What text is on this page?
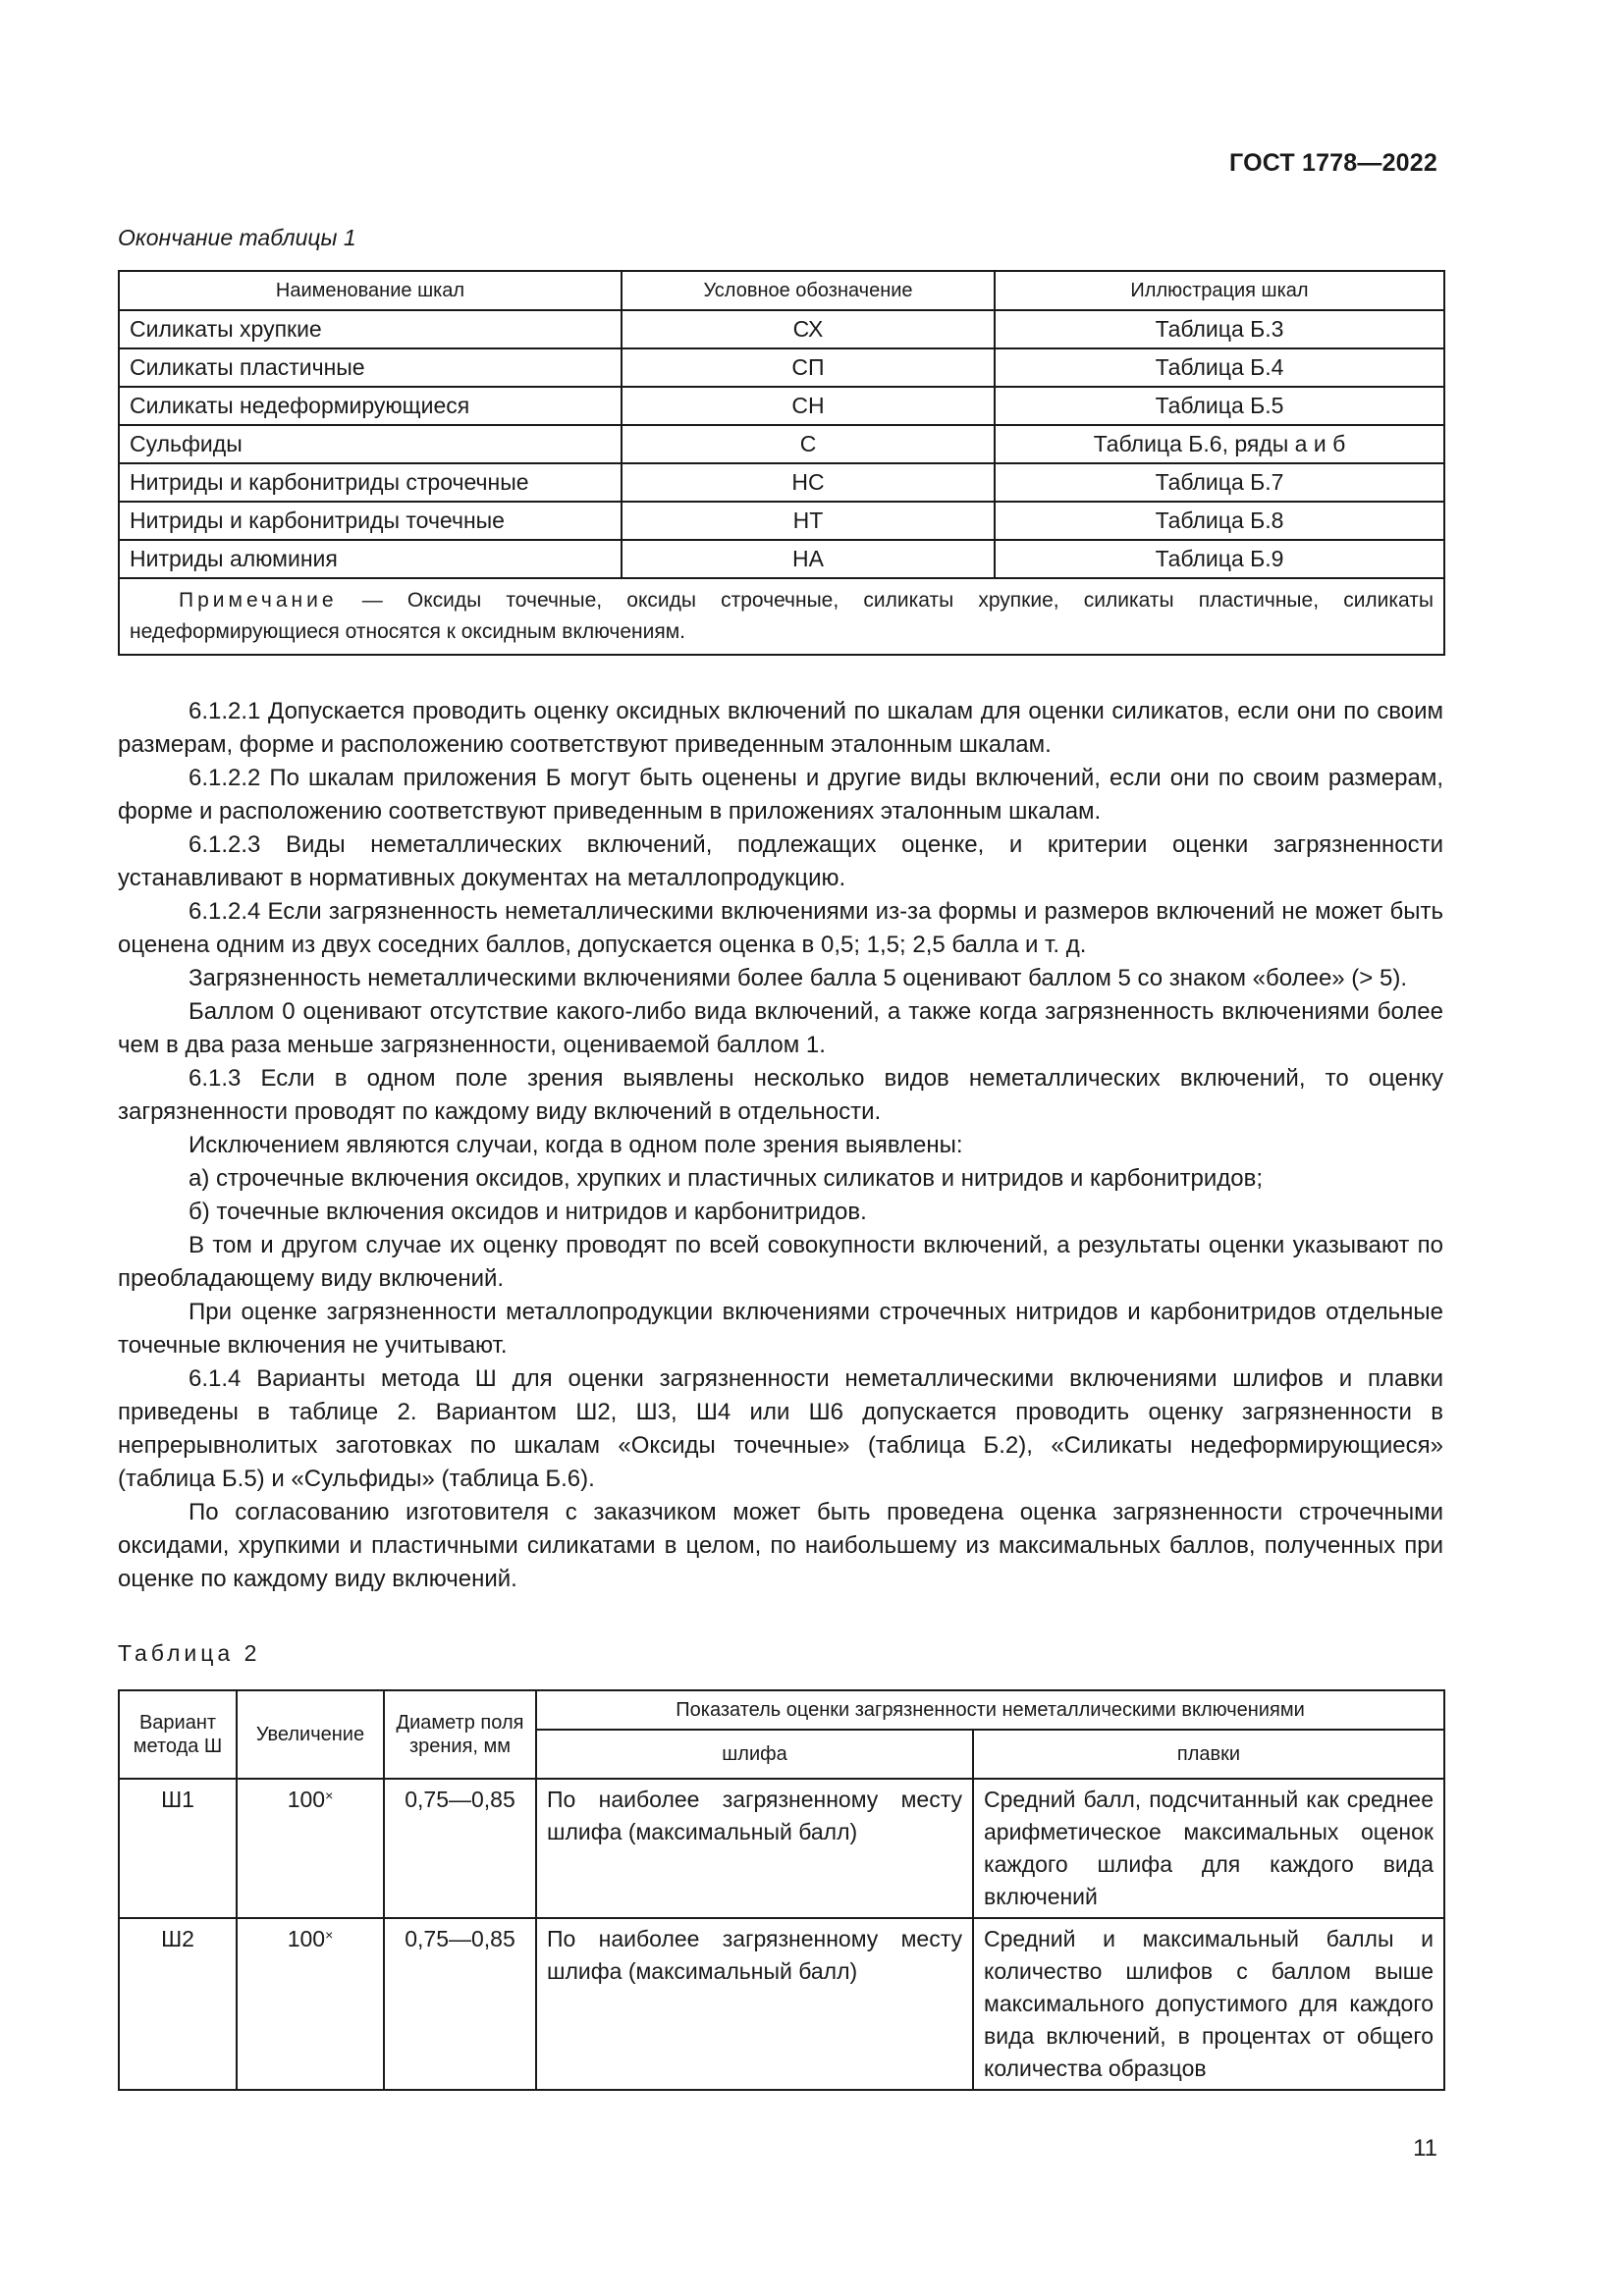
ГОСТ 1778—2022
Окончание таблицы 1
Наименование шкал	Условное обозначение	Иллюстрация шкал
Силикаты хрупкие	СХ	Таблица Б.3
Силикаты пластичные	СП	Таблица Б.4
Силикаты недеформирующиеся	СН	Таблица Б.5
Сульфиды	С	Таблица Б.6, ряды а и б
Нитриды и карбонитриды строчечные	НС	Таблица Б.7
Нитриды и карбонитриды точечные	НТ	Таблица Б.8
Нитриды алюминия	НА	Таблица Б.9
Примечание — Оксиды точечные, оксиды строчечные, силикаты хрупкие, силикаты пластичные, силикаты недеформирующиеся относятся к оксидным включениям.		

6.1.2.1 Допускается проводить оценку оксидных включений по шкалам для оценки силикатов, если они по своим размерам, форме и расположению соответствуют приведенным эталонным шкалам.

6.1.2.2 По шкалам приложения Б могут быть оценены и другие виды включений, если они по своим размерам, форме и расположению соответствуют приведенным в приложениях эталонным шкалам.

6.1.2.3 Виды неметаллических включений, подлежащих оценке, и критерии оценки загрязненности устанавливают в нормативных документах на металлопродукцию.

6.1.2.4 Если загрязненность неметаллическими включениями из-за формы и размеров включений не может быть оценена одним из двух соседних баллов, допускается оценка в 0,5; 1,5; 2,5 балла и т. д.

Загрязненность неметаллическими включениями более балла 5 оценивают баллом 5 со знаком «более» (> 5).

Баллом 0 оценивают отсутствие какого-либо вида включений, а также когда загрязненность включениями более чем в два раза меньше загрязненности, оцениваемой баллом 1.

6.1.3 Если в одном поле зрения выявлены несколько видов неметаллических включений, то оценку загрязненности проводят по каждому виду включений в отдельности.

Исключением являются случаи, когда в одном поле зрения выявлены:

а) строчечные включения оксидов, хрупких и пластичных силикатов и нитридов и карбонитридов;

б) точечные включения оксидов и нитридов и карбонитридов.

В том и другом случае их оценку проводят по всей совокупности включений, а результаты оценки указывают по преобладающему виду включений.

При оценке загрязненности металлопродукции включениями строчечных нитридов и карбонитридов отдельные точечные включения не учитывают.

6.1.4 Варианты метода Ш для оценки загрязненности неметаллическими включениями шлифов и плавки приведены в таблице 2. Вариантом Ш2, Ш3, Ш4 или Ш6 допускается проводить оценку загрязненности в непрерывнолитых заготовках по шкалам «Оксиды точечные» (таблица Б.2), «Силикаты недеформирующиеся» (таблица Б.5) и «Сульфиды» (таблица Б.6).

По согласованию изготовителя с заказчиком может быть проведена оценка загрязненности строчечными оксидами, хрупкими и пластичными силикатами в целом, по наибольшему из максимальных баллов, полученных при оценке по каждому виду включений.

Таблица 2
Вариант метода Ш	Увеличение	Диаметр поля зрения, мм	Показатель оценки загрязненности неметаллическими включениями	
			шлифа	плавки
Ш1	100×	0,75—0,85	По наиболее загрязненному месту шлифа (максимальный балл)	Средний балл, подсчитанный как среднее арифметическое максимальных оценок каждого шлифа для каждого вида включений
Ш2	100×	0,75—0,85	По наиболее загрязненному месту шлифа (максимальный балл)	Средний и максимальный баллы и количество шлифов с баллом выше максимального допустимого для каждого вида включений, в процентах от общего количества образцов
11
